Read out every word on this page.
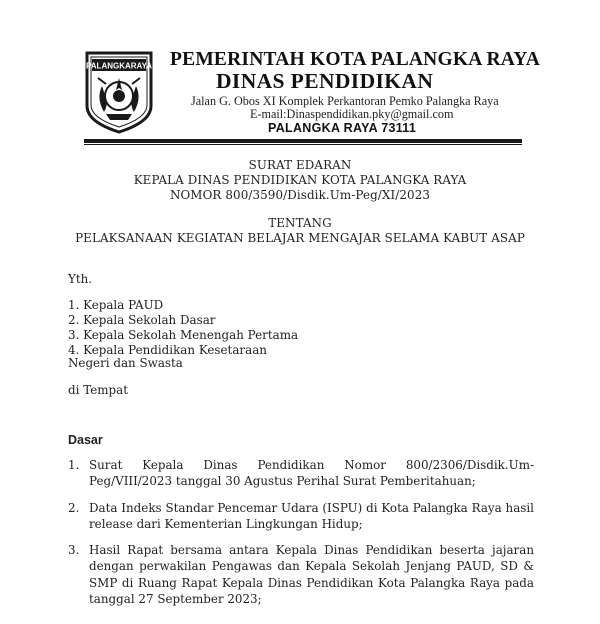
PALANGKARAYA PEMERINTAH KOTA PALANGKA RAYA
DINAS PENDIDIKAN
Jalan G. Obos XI Komplek Perkantoran Pemko Palangka Raya
E-mail:Dinaspendidikan.pky@gmail.com
PALANGKA RAYA 73111
SURAT EDARAN
KEPALA DINAS PENDIDIKAN KOTA PALANGKA RAYA
NOMOR 800/3590/Disdik.Um-Peg/XI/2023
TENTANG
PELAKSANAAN KEGIATAN BELAJAR MENGAJAR SELAMA KABUT ASAP
Yth.
1. Kepala PAUD
2. Kepala Sekolah Dasar
3. Kepala Sekolah Menengah Pertama
4. Kepala Pendidikan Kesetaraan
Negeri dan Swasta
di Tempat
Dasar
1. Surat Kepala Dinas Pendidikan Nomor 800/2306/Disdik.Um-
Peg/VIII/2023 tanggal 30 Agustus Perihal Surat Pemberitahuan;
2. Data Indeks Standar Pencemar Udara (ISPU) di Kota Palangka Raya hasil
release dari Kementerian Lingkungan Hidup;
3. Hasil Rapat bersama antara Kepala Dinas Pendidikan beserta jajaran
dengan perwakilan Pengawas dan Kepala Sekolah Jenjang PAUD, SD &
SMP di Ruang Rapat Kepala Dinas Pendidikan Kota Palangka Raya pada
tanggal 27 September 2023;
